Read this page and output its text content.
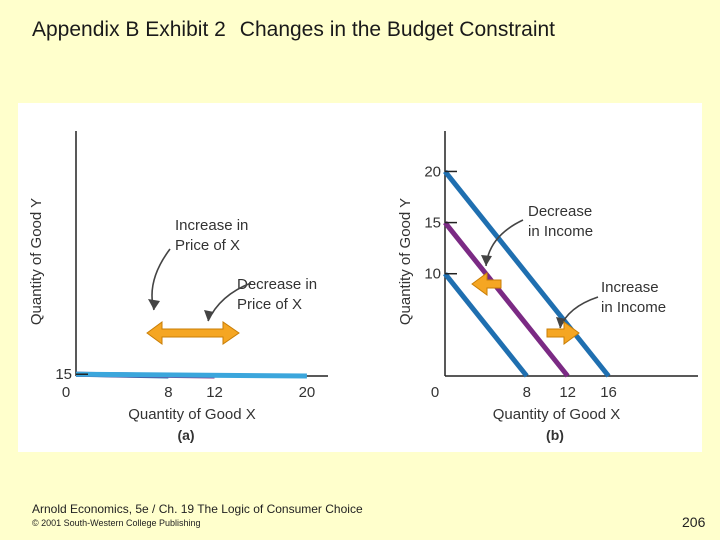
Appendix B Exhibit 2 Changes in the Budget Constraint
15
8 12	20
0
Quantity of Good X
Quantity of Good Y
(a)
Increase in
Price of X
Decrease in
Price of X
20
15
10
8 12 16
0
Quantity of Good X
Quantity of Good Y
(b)
Decrease
in Income
Increase
in Income
Arnold Economics, 5e / Ch. 19 The Logic of Consumer Choice
© 2001 South-Western College Publishing	206
